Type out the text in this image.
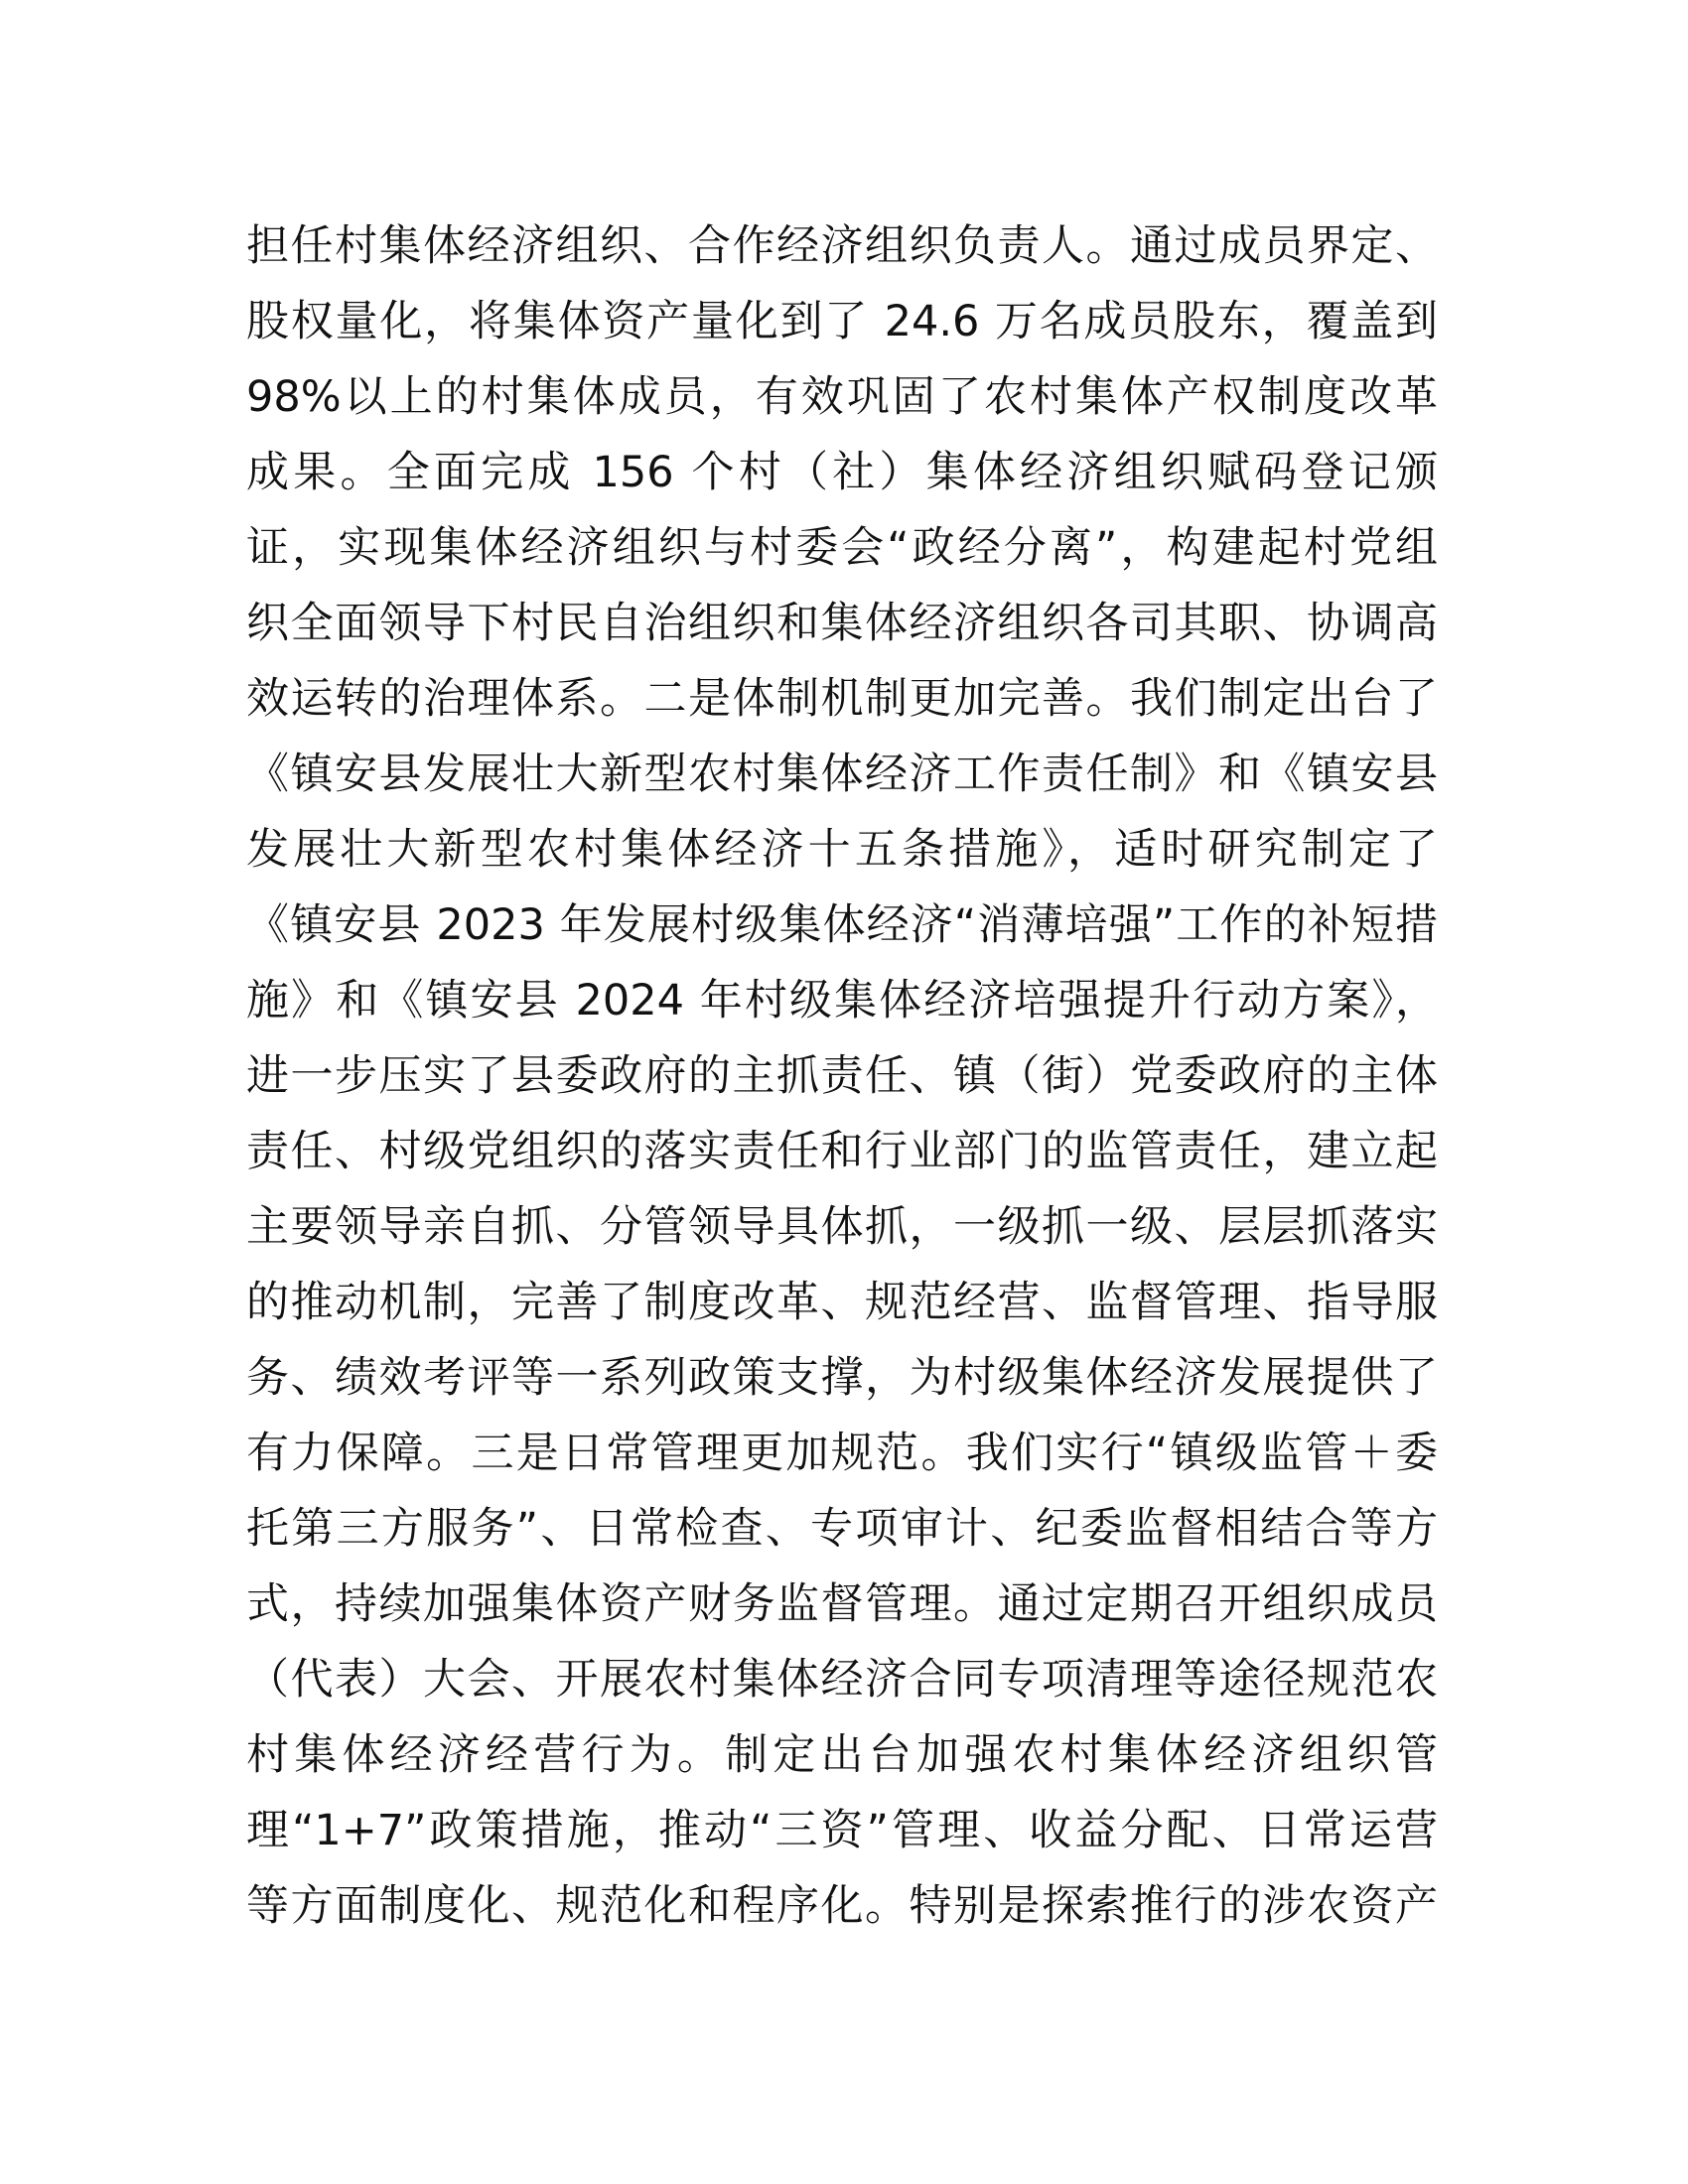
担任村集体经济组织、合作经济组织负责人。通过成员界定、
股权量化，将集体资产量化到了 24.6 万名成员股东，覆盖到
98%以上的村集体成员，有效巩固了农村集体产权制度改革
成果。全面完成 156 个村（社）集体经济组织赋码登记颁
证，实现集体经济组织与村委会“政经分离”，构建起村党组
织全面领导下村民自治组织和集体经济组织各司其职、协调高
效运转的治理体系。二是体制机制更加完善。我们制定出台了
《镇安县发展壮大新型农村集体经济工作责任制》和《镇安县
发展壮大新型农村集体经济十五条措施》，适时研究制定了
《镇安县 2023 年发展村级集体经济“消薄培强”工作的补短措
施》和《镇安县 2024 年村级集体经济培强提升行动方案》，
进一步压实了县委政府的主抓责任、镇（街）党委政府的主体
责任、村级党组织的落实责任和行业部门的监管责任，建立起
主要领导亲自抓、分管领导具体抓，一级抓一级、层层抓落实
的推动机制，完善了制度改革、规范经营、监督管理、指导服
务、绩效考评等一系列政策支撑，为村级集体经济发展提供了
有力保障。三是日常管理更加规范。我们实行“镇级监管＋委
托第三方服务”、日常检查、专项审计、纪委监督相结合等方
式，持续加强集体资产财务监督管理。通过定期召开组织成员
（代表）大会、开展农村集体经济合同专项清理等途径规范农
村集体经济经营行为。制定出台加强农村集体经济组织管
理“1+7”政策措施，推动“三资”管理、收益分配、日常运营
等方面制度化、规范化和程序化。特别是探索推行的涉农资产
